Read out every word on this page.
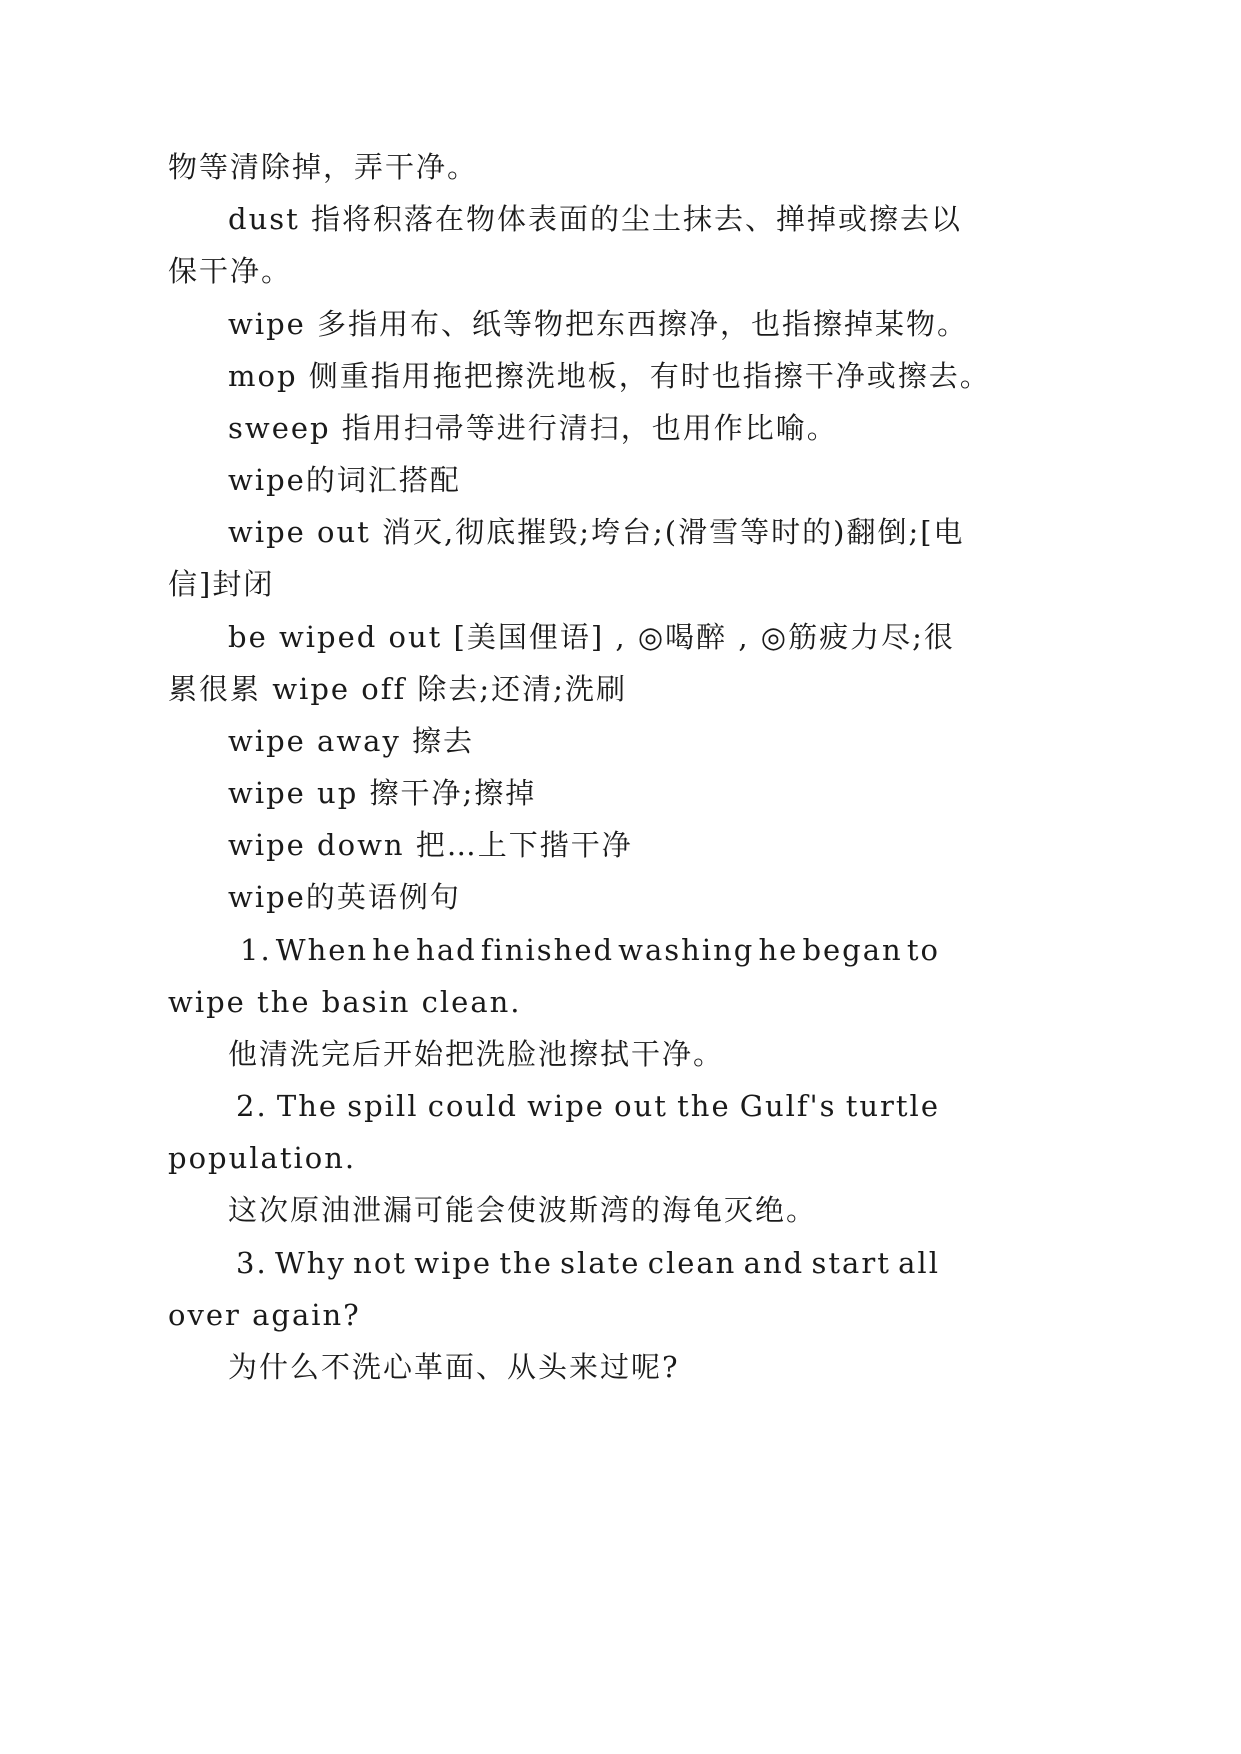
物等清除掉，弄干净。
dust 指将积落在物体表面的尘土抹去、掸掉或擦去以
保干净。
wipe 多指用布、纸等物把东西擦净，也指擦掉某物。
mop 侧重指用拖把擦洗地板，有时也指擦干净或擦去。
sweep 指用扫帚等进行清扫，也用作比喻。
wipe的词汇搭配
wipe out 消灭,彻底摧毁;垮台;(滑雪等时的)翻倒;[电
信]封闭
be wiped out [美国俚语] , ◎喝醉 , ◎筋疲力尽;很
累很累 wipe off 除去;还清;洗刷
wipe away 擦去
wipe up 擦干净;擦掉
wipe down 把…上下揩干净
wipe的英语例句
1. When he had finished washing he began to
wipe the basin clean.
他清洗完后开始把洗脸池擦拭干净。
2. The spill could wipe out the Gulf's turtle
population.
这次原油泄漏可能会使波斯湾的海龟灭绝。
3. Why not wipe the slate clean and start all
over again?
为什么不洗心革面、从头来过呢?
